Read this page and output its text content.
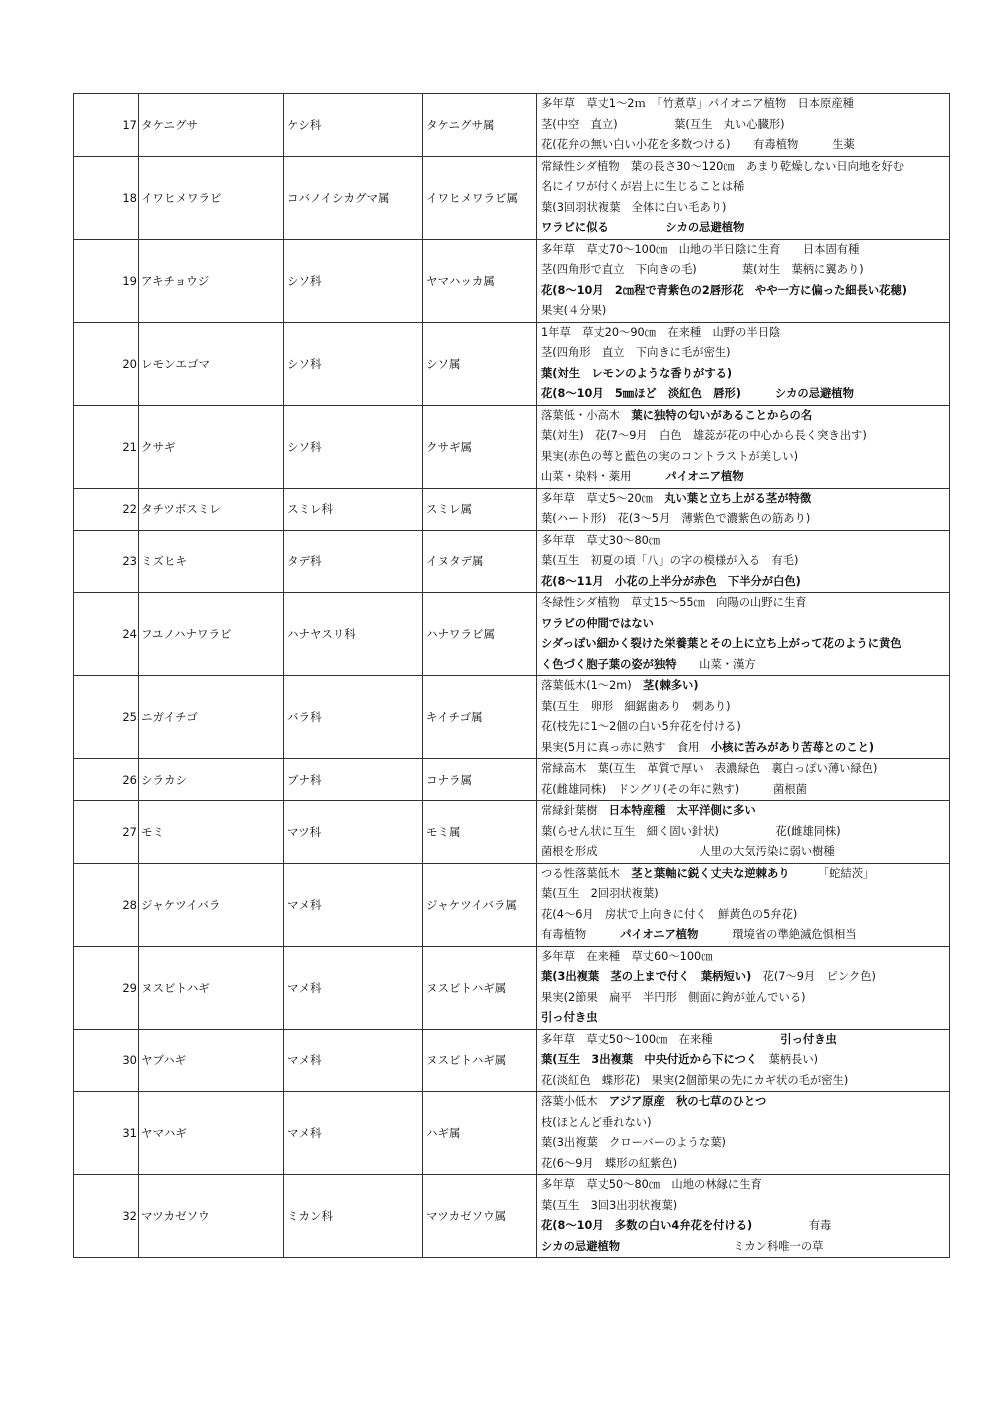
17	タケニグサ	ケシ科	タケニグサ属	多年草　草丈1～2ｍ　「竹煮草」パイオニア植物　日本原産種
茎(中空　直立)　　　　　葉(互生　丸い心臓形)
花(花弁の無い白い小花を多数つける)　　有毒植物　　　生薬

18	イワヒメワラビ	コバノイシカグマ属	イワヒメワラビ属	常緑性シダ植物　葉の長さ30～120㎝　あまり乾燥しない日向地を好む
名にイワが付くが岩上に生じることは稀
葉(3回羽状複葉　全体に白い毛あり)
ワラビに似る　　　　　シカの忌避植物

19	アキチョウジ	シソ科	ヤマハッカ属	多年草　草丈70～100㎝　山地の半日陰に生育　　日本固有種
茎(四角形で直立　下向きの毛)　　　　葉(対生　葉柄に翼あり)
花(8～10月　2㎝程で青紫色の2唇形花　やや一方に偏った細長い花穂)
果実(４分果)

20	レモンエゴマ	シソ科	シソ属	1年草　草丈20～90㎝　在来種　山野の半日陰
茎(四角形　直立　下向きに毛が密生)
葉(対生　レモンのような香りがする)
花(8～10月　5㎜ほど　淡紅色　唇形)　　　シカの忌避植物

21	クサギ	シソ科	クサギ属	落葉低・小高木　葉に独特の匂いがあることからの名
葉(対生)　花(7～9月　白色　雄蕊が花の中心から長く突き出す)
果実(赤色の萼と藍色の実のコントラストが美しい)
山菜・染料・薬用　　　パイオニア植物

22	タチツボスミレ	スミレ科	スミレ属	多年草　草丈5～20㎝　丸い葉と立ち上がる茎が特徴
葉(ハート形)　花(3～5月　薄紫色で濃紫色の筋あり)

23	ミズヒキ	タデ科	イヌタデ属	多年草　草丈30～80㎝
葉(互生　初夏の頃「八」の字の模様が入る　有毛)
花(8～11月　小花の上半分が赤色　下半分が白色)

24	フユノハナワラビ	ハナヤスリ科	ハナワラビ属	冬緑性シダ植物　草丈15～55㎝　向陽の山野に生育
ワラビの仲間ではない
シダっぽい細かく裂けた栄養葉とその上に立ち上がって花のように黄色
く色づく胞子葉の姿が独特　　山菜・漢方

25	ニガイチゴ	バラ科	キイチゴ属	落葉低木(1～2m)　茎(棘多い)
葉(互生　卵形　細鋸歯あり　刺あり)
花(枝先に1～2個の白い5弁花を付ける)
果実(5月に真っ赤に熟す　食用　小核に苦みがあり苦苺とのこと)

26	シラカシ	ブナ科	コナラ属	常緑高木　葉(互生　革質で厚い　表濃緑色　裏白っぽい薄い緑色)
花(雌雄同株)　ドングリ(その年に熟す)　　　菌根菌

27	モミ	マツ科	モミ属	常緑針葉樹　日本特産種　太平洋側に多い
葉(らせん状に互生　細く固い針状)　　　　　花(雌雄同株)
菌根を形成　　　　　　　　　人里の大気汚染に弱い樹種

28	ジャケツイバラ	マメ科	ジャケツイバラ属	つる性落葉低木　茎と葉軸に鋭く丈夫な逆棘あり　　　「蛇結茨」
葉(互生　2回羽状複葉)
花(4～6月　房状で上向きに付く　鮮黄色の5弁花)
有毒植物　　　パイオニア植物　　　環境省の準絶滅危惧相当

29	ヌスビトハギ	マメ科	ヌスビトハギ属	多年草　在来種　草丈60～100㎝
葉(3出複葉　茎の上まで付く　葉柄短い)　花(7～9月　ピンク色)
果実(2節果　扁平　半円形　側面に鉤が並んでいる)
引っ付き虫

30	ヤブハギ	マメ科	ヌスビトハギ属	多年草　草丈50～100㎝　在来種　　　　　　引っ付き虫
葉(互生　3出複葉　中央付近から下につく　葉柄長い)
花(淡紅色　蝶形花)　果実(2個節果の先にカギ状の毛が密生)

31	ヤマハギ	マメ科	ハギ属	落葉小低木　アジア原産　秋の七草のひとつ
枝(ほとんど垂れない)
葉(3出複葉　クローバーのような葉)
花(6～9月　蝶形の紅紫色)

32	マツカゼソウ	ミカン科	マツカゼソウ属	多年草　草丈50～80㎝　山地の林縁に生育
葉(互生　3回3出羽状複葉)
花(8～10月　多数の白い4弁花を付ける)　　　　　有毒
シカの忌避植物　　　　　　　　　　ミカン科唯一の草
